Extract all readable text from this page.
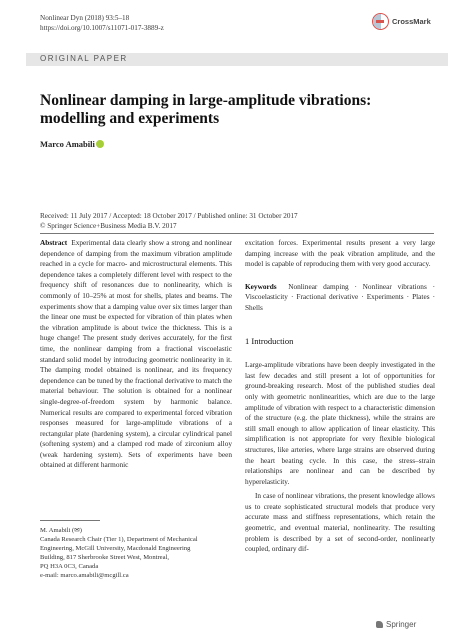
Nonlinear Dyn (2018) 93:5–18
https://doi.org/10.1007/s11071-017-3889-z
CrossMark
ORIGINAL PAPER
Nonlinear damping in large-amplitude vibrations: modelling and experiments
Marco Amabili
Received: 11 July 2017 / Accepted: 18 October 2017 / Published online: 31 October 2017
© Springer Science+Business Media B.V. 2017

Abstract Experimental data clearly show a strong and nonlinear dependence of damping from the maximum vibration amplitude reached in a cycle for macro- and microstructural elements. This dependence takes a completely different level with respect to the frequency shift of resonances due to nonlinearity, which is commonly of 10–25% at most for shells, plates and beams. The experiments show that a damping value over six times larger than the linear one must be expected for vibration of thin plates when the vibration amplitude is about twice the thickness. This is a huge change! The present study derives accurately, for the first time, the nonlinear damping from a fractional viscoelastic standard solid model by introducing geometric nonlinearity in it. The damping model obtained is nonlinear, and its frequency dependence can be tuned by the fractional derivative to match the material behaviour. The solution is obtained for a nonlinear single-degree-of-freedom system by harmonic balance. Numerical results are compared to experimental forced vibration responses measured for large-amplitude vibrations of a rectangular plate (hardening system), a circular cylindrical panel (softening system) and a clamped rod made of zirconium alloy (weak hardening system). Sets of experiments have been obtained at different harmonic

M. Amabili (✉)
Canada Research Chair (Tier 1), Department of Mechanical
Engineering, McGill University, Macdonald Engineering
Building, 817 Sherbrooke Street West, Montreal,
PQ H3A 0C3, Canada
e-mail: marco.amabili@mcgill.ca

excitation forces. Experimental results present a very large damping increase with the peak vibration amplitude, and the model is capable of reproducing them with very good accuracy.

Keywords Nonlinear damping · Nonlinear vibrations · Viscoelasticity · Fractional derivative · Experiments · Plates · Shells

1 Introduction

Large-amplitude vibrations have been deeply investigated in the last few decades and still present a lot of opportunities for ground-breaking research. Most of the published studies deal only with geometric nonlinearities, which are due to the large amplitude of vibration with respect to a characteristic dimension of the structure (e.g. the plate thickness), while the strains are still small enough to allow application of linear elasticity. This simplification is not appropriate for very flexible biological structures, like arteries, where large strains are observed during the heart beating cycle. In this case, the stress–strain relationships are nonlinear and can be described by hyperelasticity.

In case of nonlinear vibrations, the present knowledge allows us to create sophisticated structural models that produce very accurate mass and stiffness representations, which retain the geometric, and eventual material, nonlinearity. The resulting problem is described by a set of second-order, nonlinearly coupled, ordinary dif-

Springer
